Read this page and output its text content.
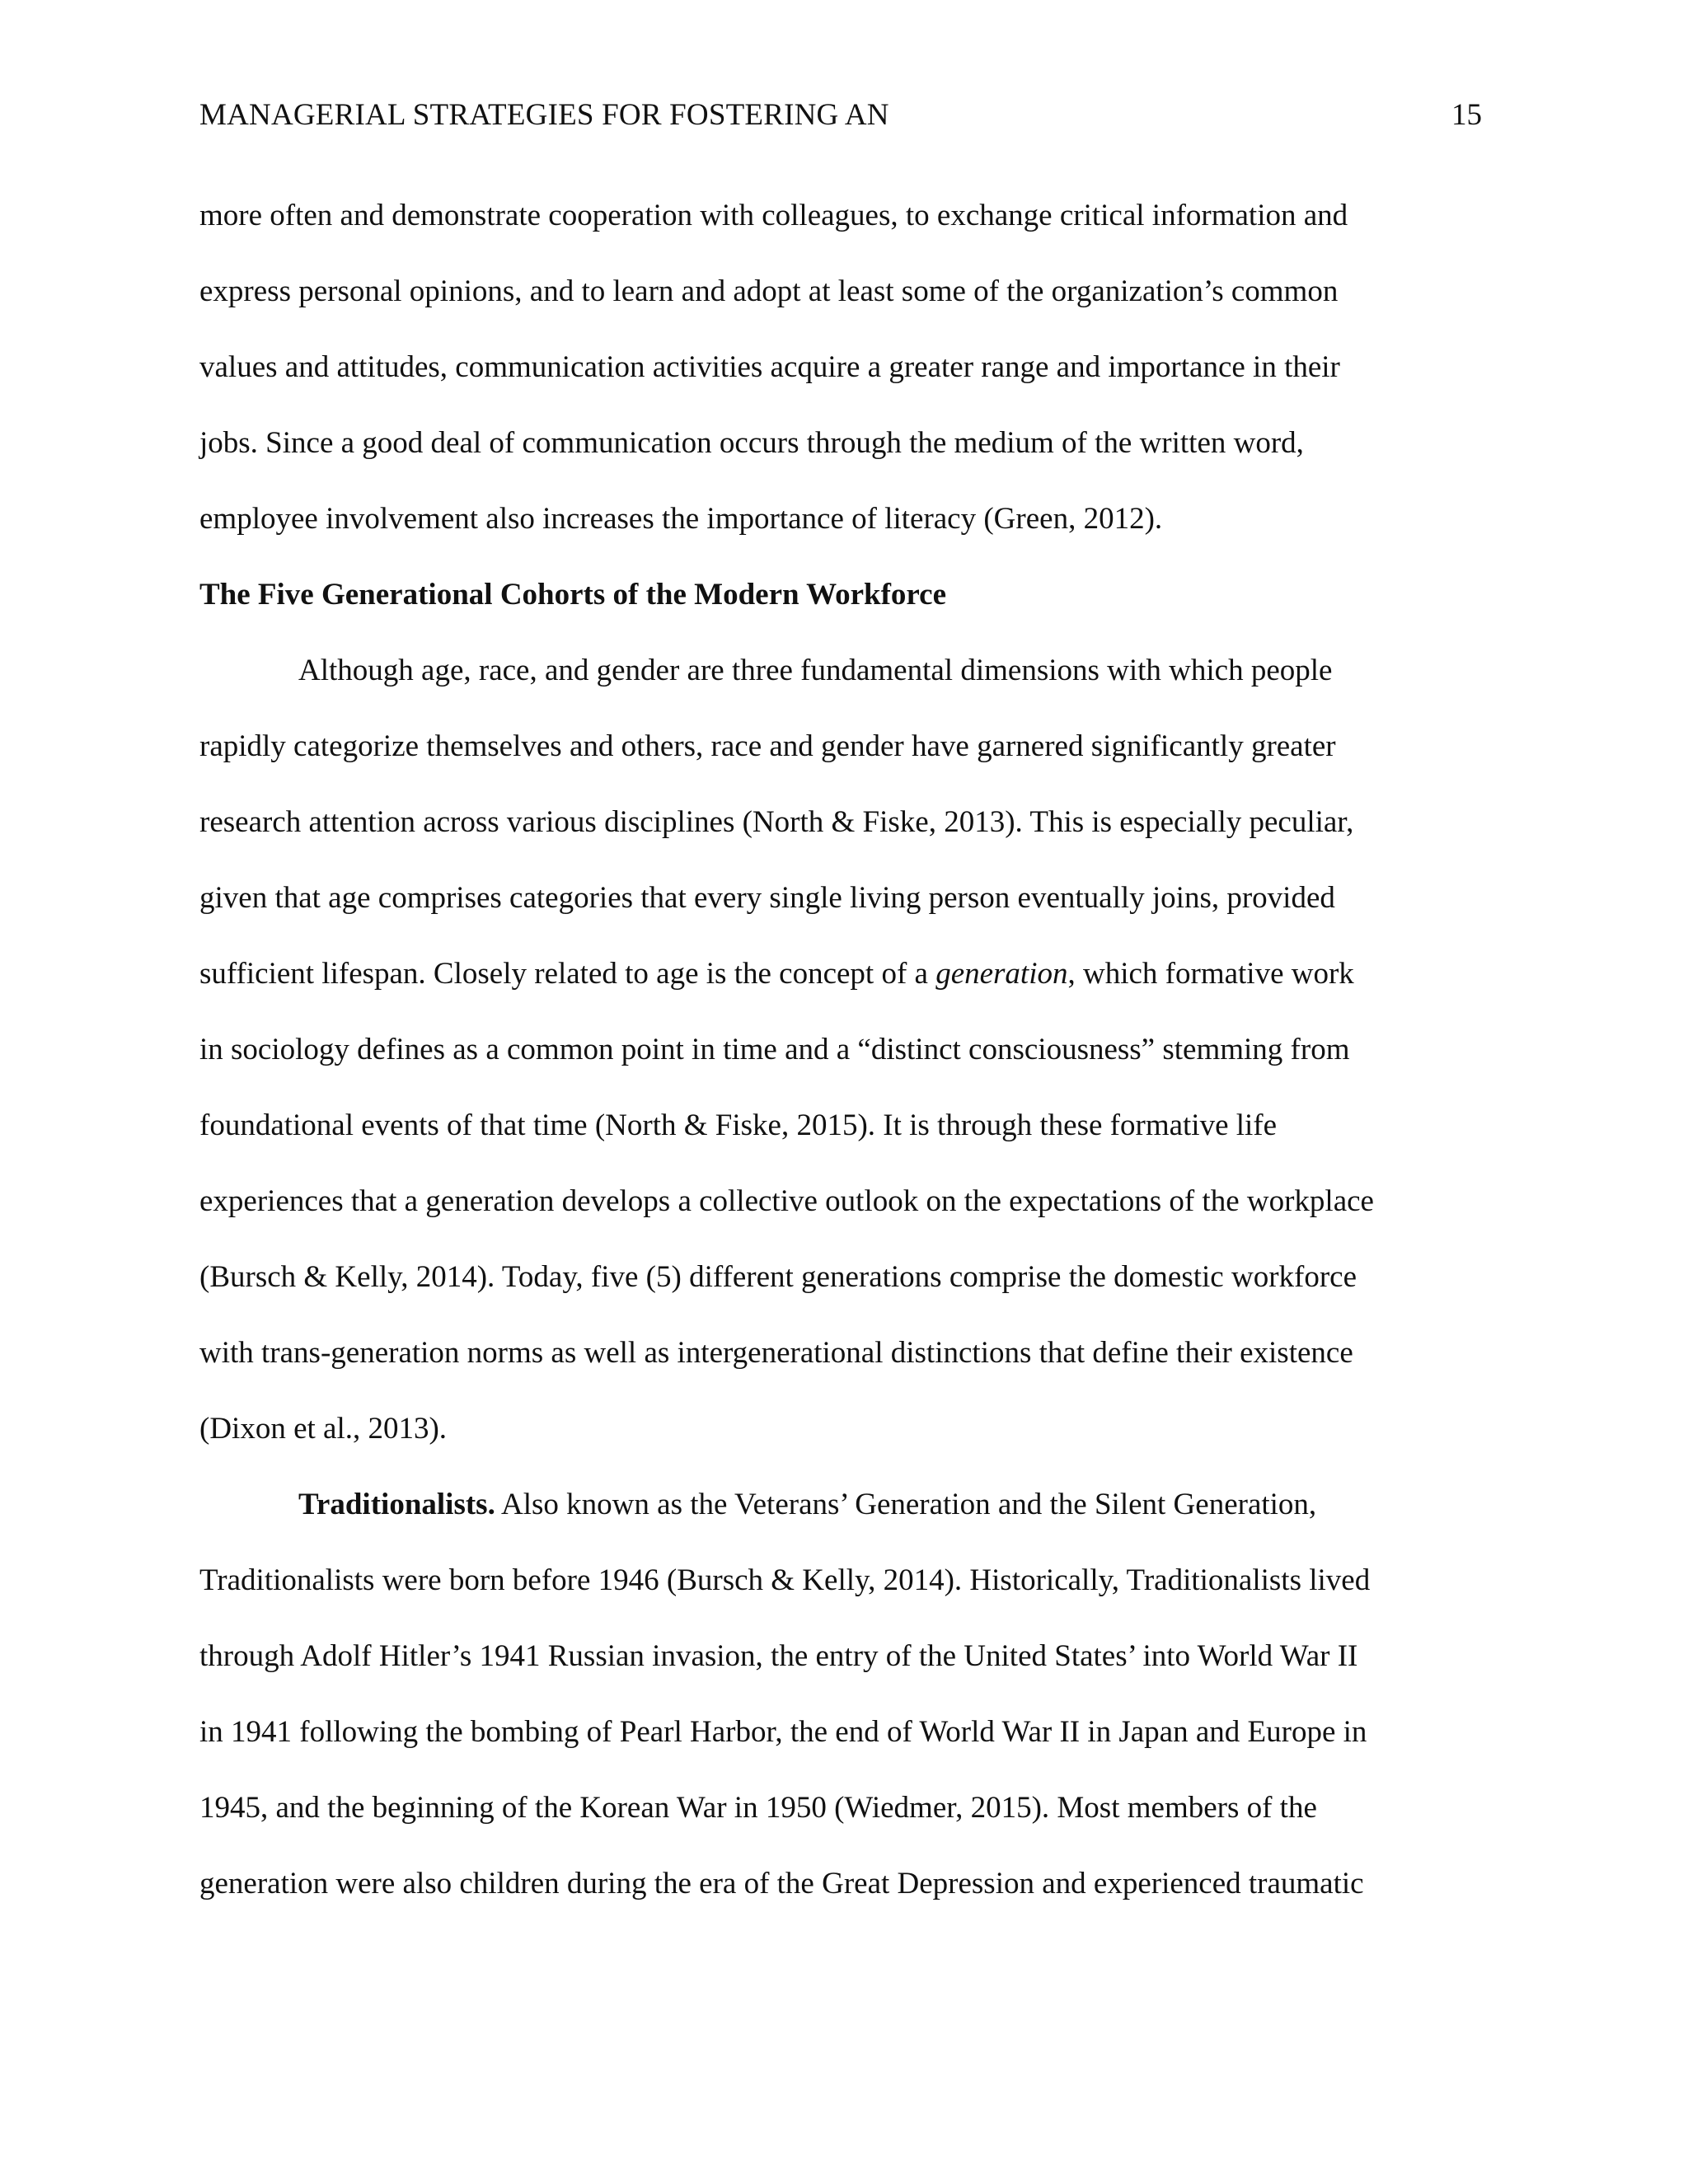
MANAGERIAL STRATEGIES FOR FOSTERING AN	15
more often and demonstrate cooperation with colleagues, to exchange critical information and
express personal opinions, and to learn and adopt at least some of the organization’s common
values and attitudes, communication activities acquire a greater range and importance in their
jobs. Since a good deal of communication occurs through the medium of the written word,
employee involvement also increases the importance of literacy (Green, 2012).
The Five Generational Cohorts of the Modern Workforce
Although age, race, and gender are three fundamental dimensions with which people
rapidly categorize themselves and others, race and gender have garnered significantly greater
research attention across various disciplines (North & Fiske, 2013). This is especially peculiar,
given that age comprises categories that every single living person eventually joins, provided
sufficient lifespan. Closely related to age is the concept of a generation, which formative work
in sociology defines as a common point in time and a “distinct consciousness” stemming from
foundational events of that time (North & Fiske, 2015). It is through these formative life
experiences that a generation develops a collective outlook on the expectations of the workplace
(Bursch & Kelly, 2014). Today, five (5) different generations comprise the domestic workforce
with trans-generation norms as well as intergenerational distinctions that define their existence
(Dixon et al., 2013).
Traditionalists. Also known as the Veterans’ Generation and the Silent Generation,
Traditionalists were born before 1946 (Bursch & Kelly, 2014). Historically, Traditionalists lived
through Adolf Hitler’s 1941 Russian invasion, the entry of the United States’ into World War II
in 1941 following the bombing of Pearl Harbor, the end of World War II in Japan and Europe in
1945, and the beginning of the Korean War in 1950 (Wiedmer, 2015). Most members of the
generation were also children during the era of the Great Depression and experienced traumatic
